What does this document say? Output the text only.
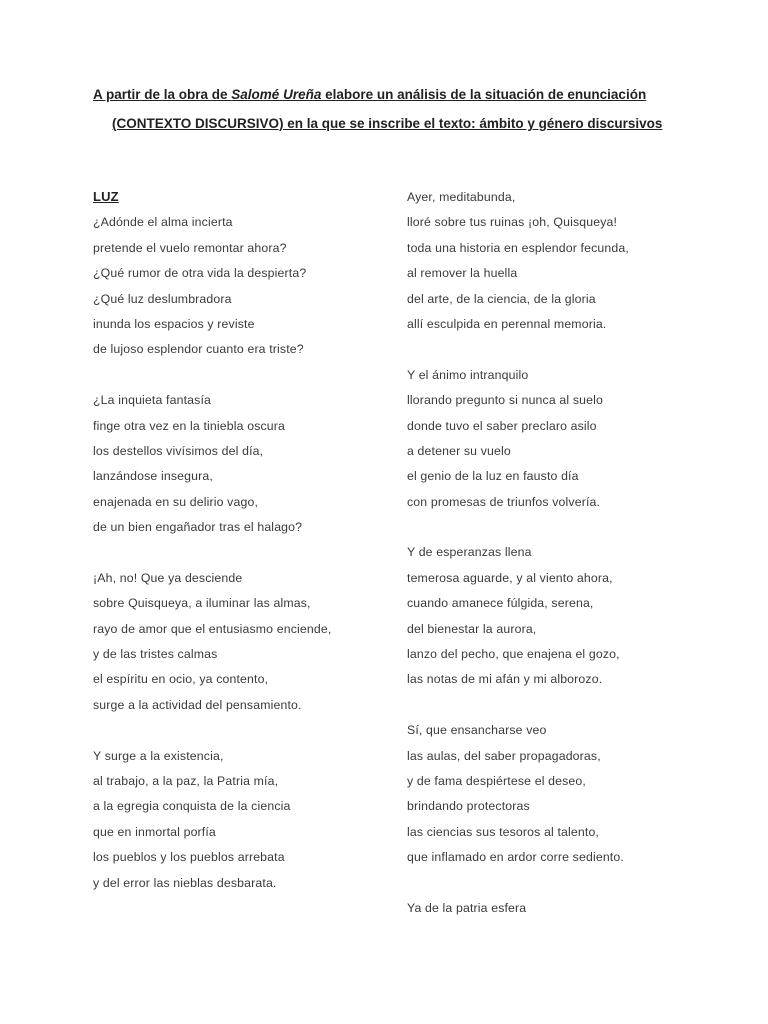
A partir de la obra de Salomé Ureña elabore un análisis de la situación de enunciación
(CONTEXTO DISCURSIVO) en la que se inscribe el texto: ámbito y género discursivos
LUZ
¿Adónde el alma incierta
pretende el vuelo remontar ahora?
¿Qué rumor de otra vida la despierta?
¿Qué luz deslumbradora
inunda los espacios y reviste
de lujoso esplendor cuanto era triste?
¿La inquieta fantasía
finge otra vez en la tiniebla oscura
los destellos vivísimos del día,
lanzándose insegura,
enajenada en su delirio vago,
de un bien engañador tras el halago?
¡Ah, no! Que ya desciende
sobre Quisqueya, a iluminar las almas,
rayo de amor que el entusiasmo enciende,
y de las tristes calmas
el espíritu en ocio, ya contento,
surge a la actividad del pensamiento.
Y surge a la existencia,
al trabajo, a la paz, la Patria mía,
a la egregia conquista de la ciencia
que en inmortal porfía
los pueblos y los pueblos arrebata
y del error las nieblas desbarata.
Ayer, meditabunda,
lloré sobre tus ruinas ¡oh, Quisqueya!
toda una historia en esplendor fecunda,
al remover la huella
del arte, de la ciencia, de la gloria
allí esculpida en perennal memoria.
Y el ánimo intranquilo
llorando pregunto si nunca al suelo
donde tuvo el saber preclaro asilo
a detener su vuelo
el genio de la luz en fausto día
con promesas de triunfos volvería.
Y de esperanzas llena
temerosa aguarde, y al viento ahora,
cuando amanece fúlgida, serena,
del bienestar la aurora,
lanzo del pecho, que enajena el gozo,
las notas de mi afán y mi alborozo.
Sí, que ensancharse veo
las aulas, del saber propagadoras,
y de fama despiértese el deseo,
brindando protectoras
las ciencias sus tesoros al talento,
que inflamado en ardor corre sediento.
Ya de la patria esfera
